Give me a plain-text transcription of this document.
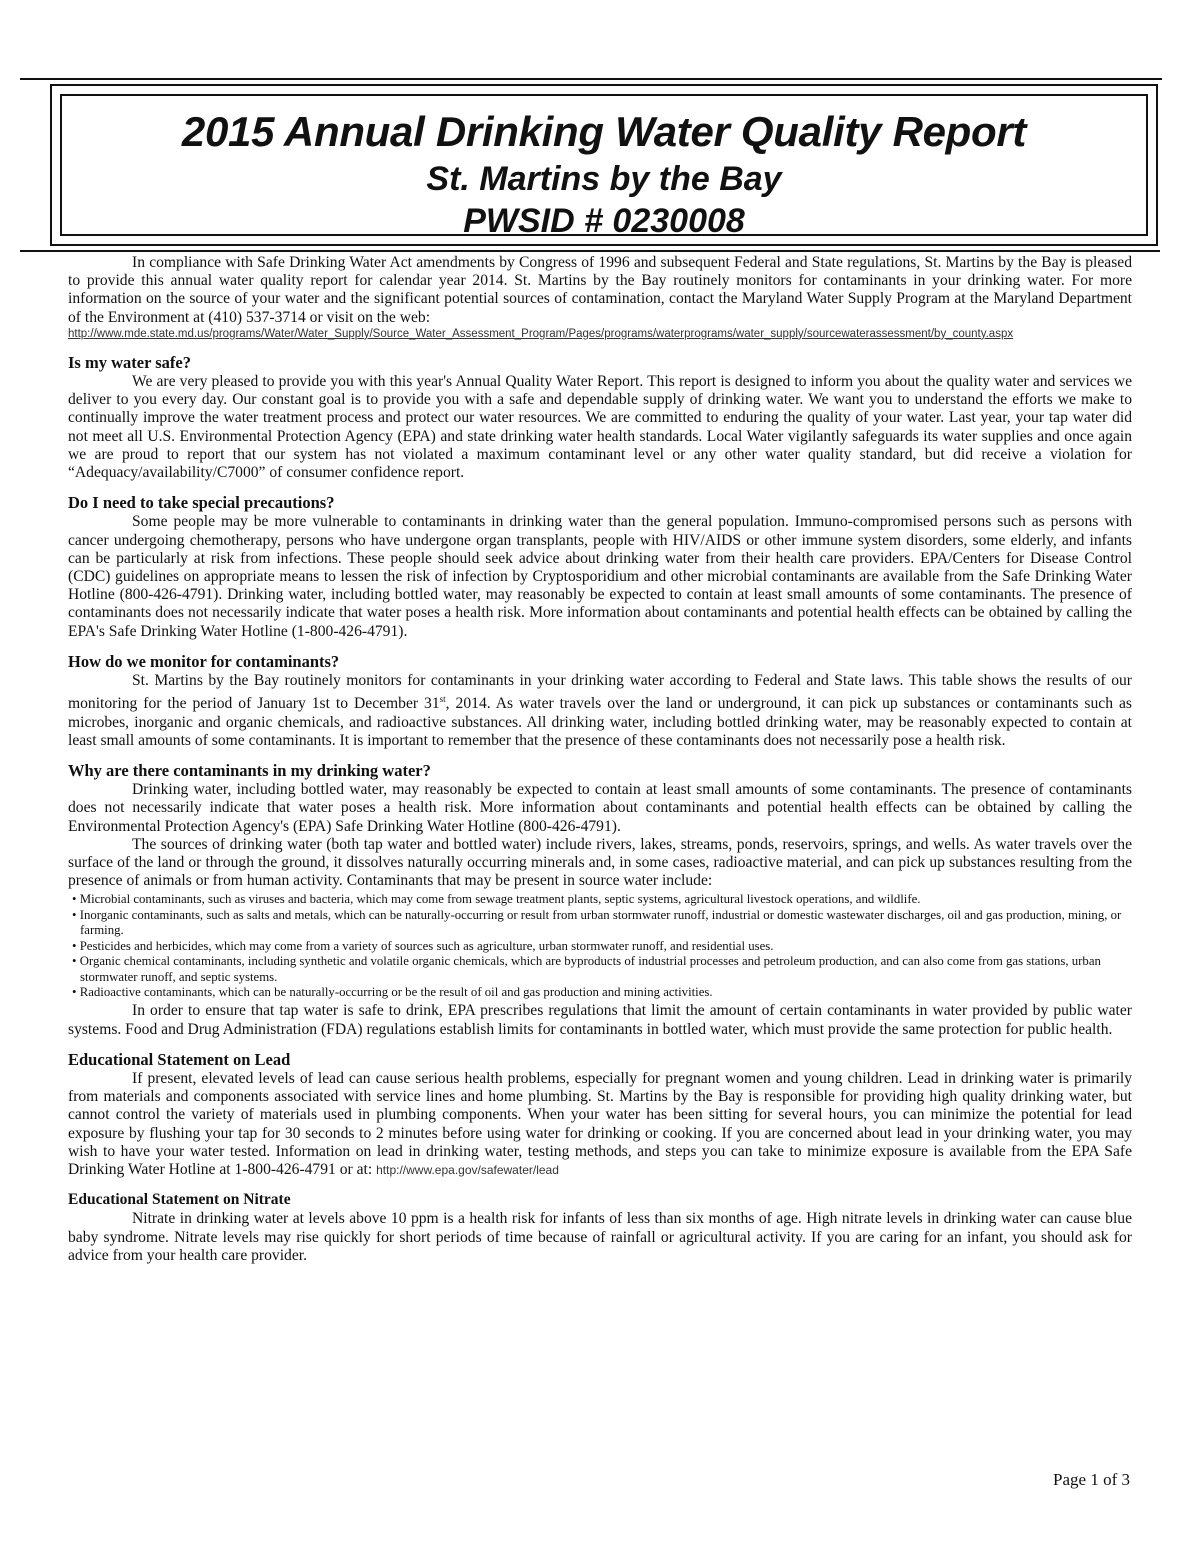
2015 Annual Drinking Water Quality Report
St. Martins by the Bay
PWSID # 0230008

In compliance with Safe Drinking Water Act amendments by Congress of 1996 and subsequent Federal and State regulations, St. Martins by the Bay is pleased to provide this annual water quality report for calendar year 2014. St. Martins by the Bay routinely monitors for contaminants in your drinking water. For more information on the source of your water and the significant potential sources of contamination, contact the Maryland Water Supply Program at the Maryland Department of the Environment at (410) 537-3714 or visit on the web:

http://www.mde.state.md.us/programs/Water/Water_Supply/Source_Water_Assessment_Program/Pages/programs/waterprograms/water_supply/sourcewaterassessment/by_county.aspx
Is my water safe?

We are very pleased to provide you with this year's Annual Quality Water Report. This report is designed to inform you about the quality water and services we deliver to you every day. Our constant goal is to provide you with a safe and dependable supply of drinking water. We want you to understand the efforts we make to continually improve the water treatment process and protect our water resources. We are committed to enduring the quality of your water. Last year, your tap water did not meet all U.S. Environmental Protection Agency (EPA) and state drinking water health standards. Local Water vigilantly safeguards its water supplies and once again we are proud to report that our system has not violated a maximum contaminant level or any other water quality standard, but did receive a violation for “Adequacy/availability/C7000” of consumer confidence report.

Do I need to take special precautions?

Some people may be more vulnerable to contaminants in drinking water than the general population. Immuno-compromised persons such as persons with cancer undergoing chemotherapy, persons who have undergone organ transplants, people with HIV/AIDS or other immune system disorders, some elderly, and infants can be particularly at risk from infections. These people should seek advice about drinking water from their health care providers. EPA/Centers for Disease Control (CDC) guidelines on appropriate means to lessen the risk of infection by Cryptosporidium and other microbial contaminants are available from the Safe Drinking Water Hotline (800-426-4791). Drinking water, including bottled water, may reasonably be expected to contain at least small amounts of some contaminants. The presence of contaminants does not necessarily indicate that water poses a health risk. More information about contaminants and potential health effects can be obtained by calling the EPA's Safe Drinking Water Hotline (1-800-426-4791).

How do we monitor for contaminants?

St. Martins by the Bay routinely monitors for contaminants in your drinking water according to Federal and State laws. This table shows the results of our monitoring for the period of January 1st to December 31st, 2014. As water travels over the land or underground, it can pick up substances or contaminants such as microbes, inorganic and organic chemicals, and radioactive substances. All drinking water, including bottled drinking water, may be reasonably expected to contain at least small amounts of some contaminants. It is important to remember that the presence of these contaminants does not necessarily pose a health risk.

Why are there contaminants in my drinking water?

Drinking water, including bottled water, may reasonably be expected to contain at least small amounts of some contaminants. The presence of contaminants does not necessarily indicate that water poses a health risk. More information about contaminants and potential health effects can be obtained by calling the Environmental Protection Agency's (EPA) Safe Drinking Water Hotline (800-426-4791).

The sources of drinking water (both tap water and bottled water) include rivers, lakes, streams, ponds, reservoirs, springs, and wells. As water travels over the surface of the land or through the ground, it dissolves naturally occurring minerals and, in some cases, radioactive material, and can pick up substances resulting from the presence of animals or from human activity. Contaminants that may be present in source water include:

• Microbial contaminants, such as viruses and bacteria, which may come from sewage treatment plants, septic systems, agricultural livestock operations, and wildlife.
• Inorganic contaminants, such as salts and metals, which can be naturally-occurring or result from urban stormwater runoff, industrial or domestic wastewater discharges, oil and gas production, mining, or farming.
• Pesticides and herbicides, which may come from a variety of sources such as agriculture, urban stormwater runoff, and residential uses.
• Organic chemical contaminants, including synthetic and volatile organic chemicals, which are byproducts of industrial processes and petroleum production, and can also come from gas stations, urban stormwater runoff, and septic systems.
• Radioactive contaminants, which can be naturally-occurring or be the result of oil and gas production and mining activities.

In order to ensure that tap water is safe to drink, EPA prescribes regulations that limit the amount of certain contaminants in water provided by public water systems. Food and Drug Administration (FDA) regulations establish limits for contaminants in bottled water, which must provide the same protection for public health.

Educational Statement on Lead

If present, elevated levels of lead can cause serious health problems, especially for pregnant women and young children. Lead in drinking water is primarily from materials and components associated with service lines and home plumbing. St. Martins by the Bay is responsible for providing high quality drinking water, but cannot control the variety of materials used in plumbing components. When your water has been sitting for several hours, you can minimize the potential for lead exposure by flushing your tap for 30 seconds to 2 minutes before using water for drinking or cooking. If you are concerned about lead in your drinking water, you may wish to have your water tested. Information on lead in drinking water, testing methods, and steps you can take to minimize exposure is available from the EPA Safe Drinking Water Hotline at 1-800-426-4791 or at: http://www.epa.gov/safewater/lead

Educational Statement on Nitrate

Nitrate in drinking water at levels above 10 ppm is a health risk for infants of less than six months of age. High nitrate levels in drinking water can cause blue baby syndrome. Nitrate levels may rise quickly for short periods of time because of rainfall or agricultural activity. If you are caring for an infant, you should ask for advice from your health care provider.

Page 1 of 3
